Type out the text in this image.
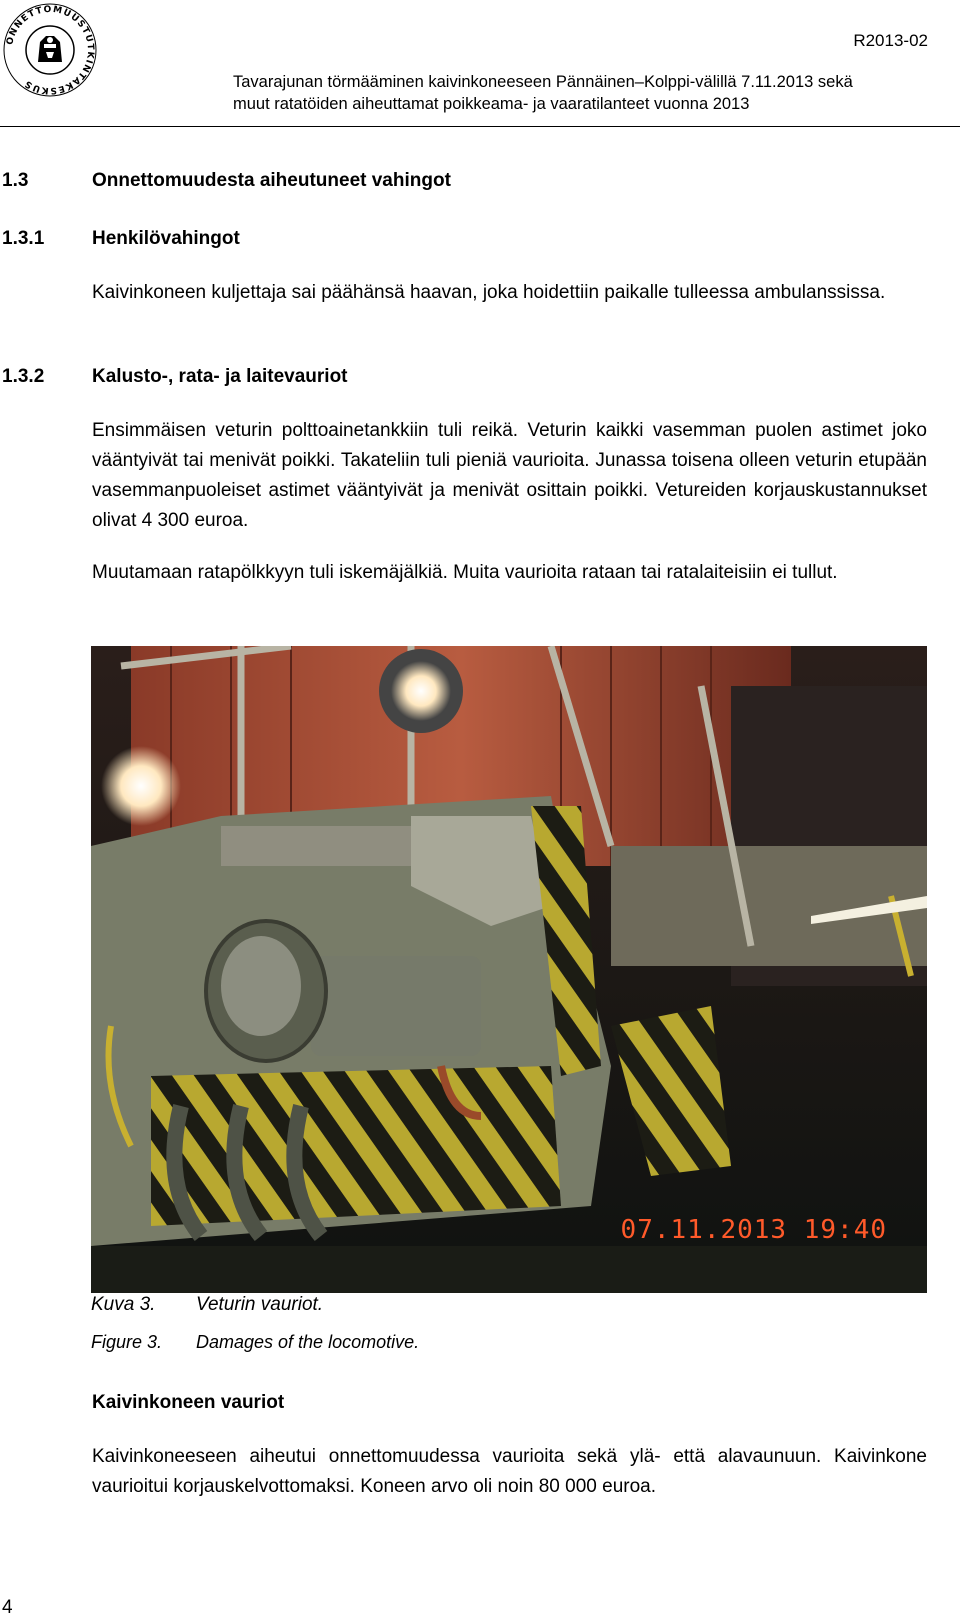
ONNETTOMUUSTUTKINTAKESKUS
R2013-02
Tavarajunan törmääminen kaivinkoneeseen Pännäinen–Kolppi-välillä 7.11.2013 sekä
muut ratatöiden aiheuttamat poikkeama- ja vaaratilanteet vuonna 2013
1.3	Onnettomuudesta aiheutuneet vahingot
1.3.1	Henkilövahingot
Kaivinkoneen kuljettaja sai päähänsä haavan, joka hoidettiin paikalle tulleessa ambulanssissa.
1.3.2	Kalusto-, rata- ja laitevauriot
Ensimmäisen veturin polttoainetankkiin tuli reikä. Veturin kaikki vasemman puolen astimet joko vääntyivät tai menivät poikki. Takateliin tuli pieniä vaurioita. Junassa toisena olleen veturin etupään vasemmanpuoleiset astimet vääntyivät ja menivät osittain poikki. Vetureiden korjauskustannukset olivat 4 300 euroa.
Muutamaan ratapölkkyyn tuli iskemäjälkiä. Muita vaurioita rataan tai ratalaiteisiin ei tullut.
07.11.2013 19:40
Kuva 3. Veturin vauriot.
Figure 3. Damages of the locomotive.
Kaivinkoneen vauriot
Kaivinkoneeseen aiheutui onnettomuudessa vaurioita sekä ylä- että alavaunuun. Kaivinkone vaurioitui korjauskelvottomaksi. Koneen arvo oli noin 80 000 euroa.
4
